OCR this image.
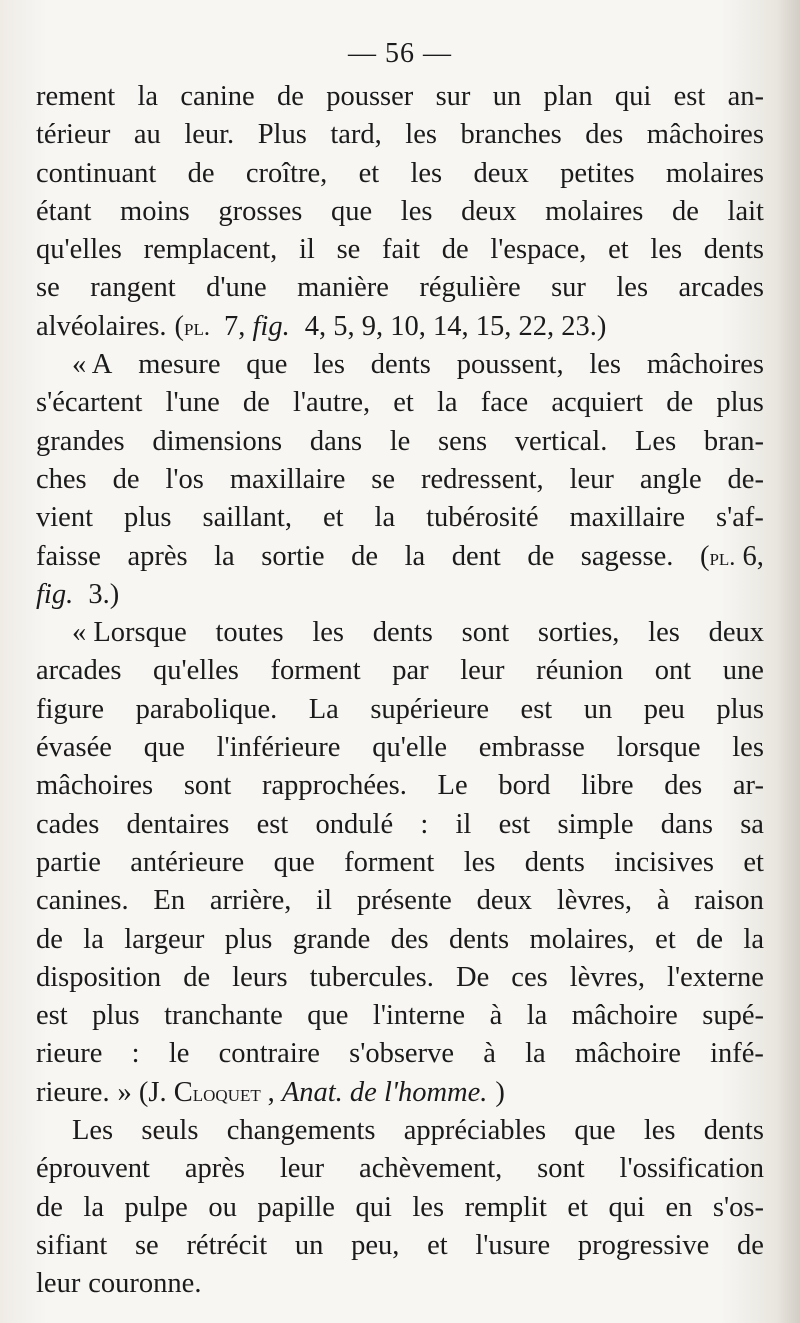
— 56 —
rement la canine de pousser sur un plan qui est an-
térieur au leur. Plus tard, les branches des mâchoires
continuant de croître, et les deux petites molaires
étant moins grosses que les deux molaires de lait
qu'elles remplacent, il se fait de l'espace, et les dents
se rangent d'une manière régulière sur les arcades
alvéolaires. (pl. 7, fig. 4, 5, 9, 10, 14, 15, 22, 23.)
« A mesure que les dents poussent, les mâchoires
s'écartent l'une de l'autre, et la face acquiert de plus
grandes dimensions dans le sens vertical. Les bran-
ches de l'os maxillaire se redressent, leur angle de-
vient plus saillant, et la tubérosité maxillaire s'af-
faisse après la sortie de la dent de sagesse. (pl. 6,
fig. 3.)
« Lorsque toutes les dents sont sorties, les deux
arcades qu'elles forment par leur réunion ont une
figure parabolique. La supérieure est un peu plus
évasée que l'inférieure qu'elle embrasse lorsque les
mâchoires sont rapprochées. Le bord libre des ar-
cades dentaires est ondulé : il est simple dans sa
partie antérieure que forment les dents incisives et
canines. En arrière, il présente deux lèvres, à raison
de la largeur plus grande des dents molaires, et de la
disposition de leurs tubercules. De ces lèvres, l'externe
est plus tranchante que l'interne à la mâchoire supé-
rieure : le contraire s'observe à la mâchoire infé-
rieure. » (J. Cloquet , Anat. de l'homme. )
Les seuls changements appréciables que les dents
éprouvent après leur achèvement, sont l'ossification
de la pulpe ou papille qui les remplit et qui en s'os-
sifiant se rétrécit un peu, et l'usure progressive de
leur couronne.
